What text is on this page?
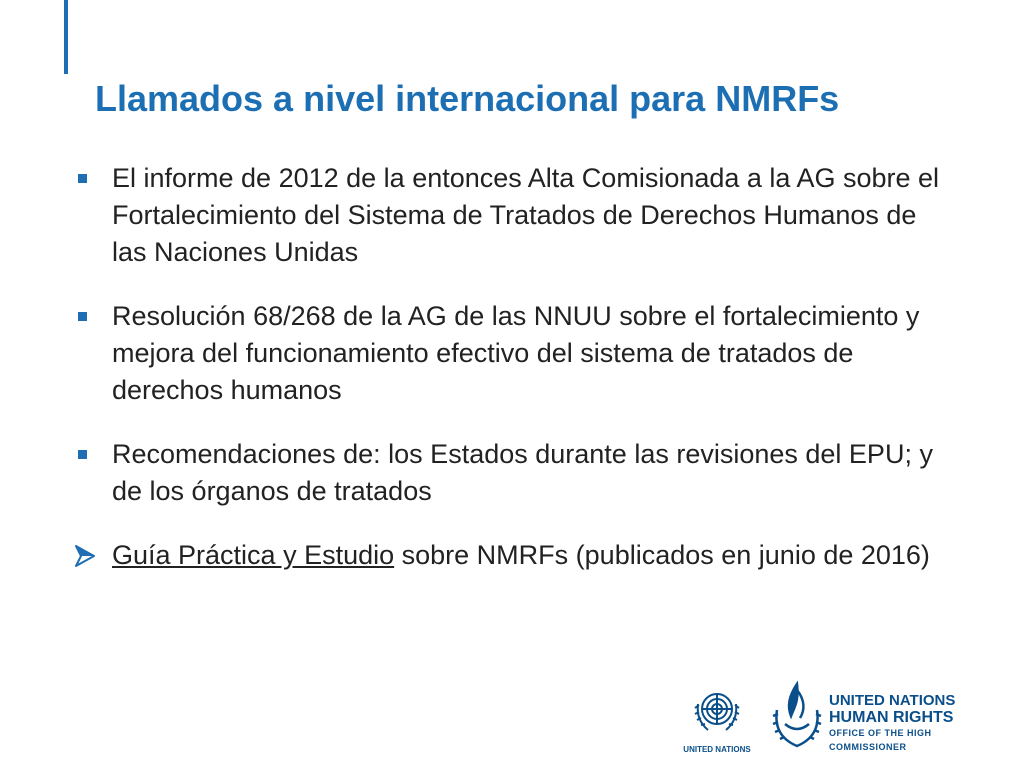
Llamados a nivel internacional para NMRFs
El informe de 2012 de la entonces Alta Comisionada a la AG sobre el Fortalecimiento del Sistema de Tratados de Derechos Humanos de las Naciones Unidas
Resolución 68/268 de la AG de las NNUU sobre el fortalecimiento y mejora del funcionamiento efectivo del sistema de tratados de derechos humanos
Recomendaciones de: los Estados durante las revisiones del EPU; y de los órganos de tratados
Guía Práctica y Estudio sobre NMRFs (publicados en junio de 2016)
UNITED NATIONS
UNITED NATIONS
HUMAN RIGHTS
OFFICE OF THE HIGH COMMISSIONER
